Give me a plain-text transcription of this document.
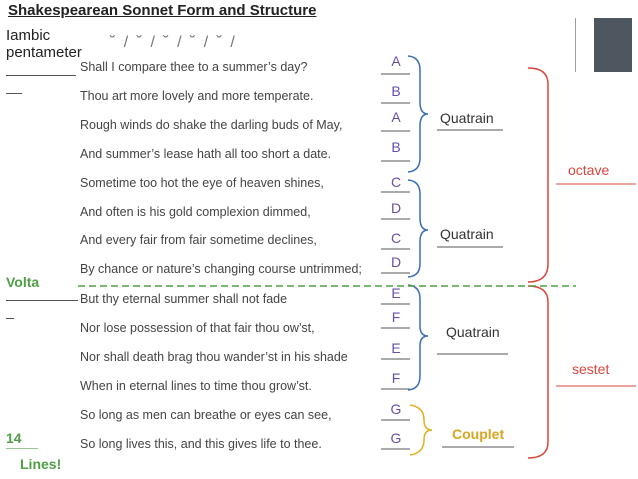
Shakespearean Sonnet Form and Structure
Iambic pentameter
˘ / ˘ / ˘ / ˘ / ˘ /
Volta
14
Lines!
Shall I compare thee to a summer’s day?
Thou art more lovely and more temperate.
Rough winds do shake the darling buds of May,
And summer’s lease hath all too short a date.
Sometime too hot the eye of heaven shines,
And often is his gold complexion dimmed,
And every fair from fair sometime declines,
By chance or nature’s changing course untrimmed;
But thy eternal summer shall not fade
Nor lose possession of that fair thou ow’st,
Nor shall death brag thou wander’st in his shade
When in eternal lines to time thou grow’st.
So long as men can breathe or eyes can see,
So long lives this, and this gives life to thee.
A
B
A
B
C
D
C
D
E
F
E
F
G
G
Quatrain
Quatrain
Quatrain
Couplet
octave
sestet
